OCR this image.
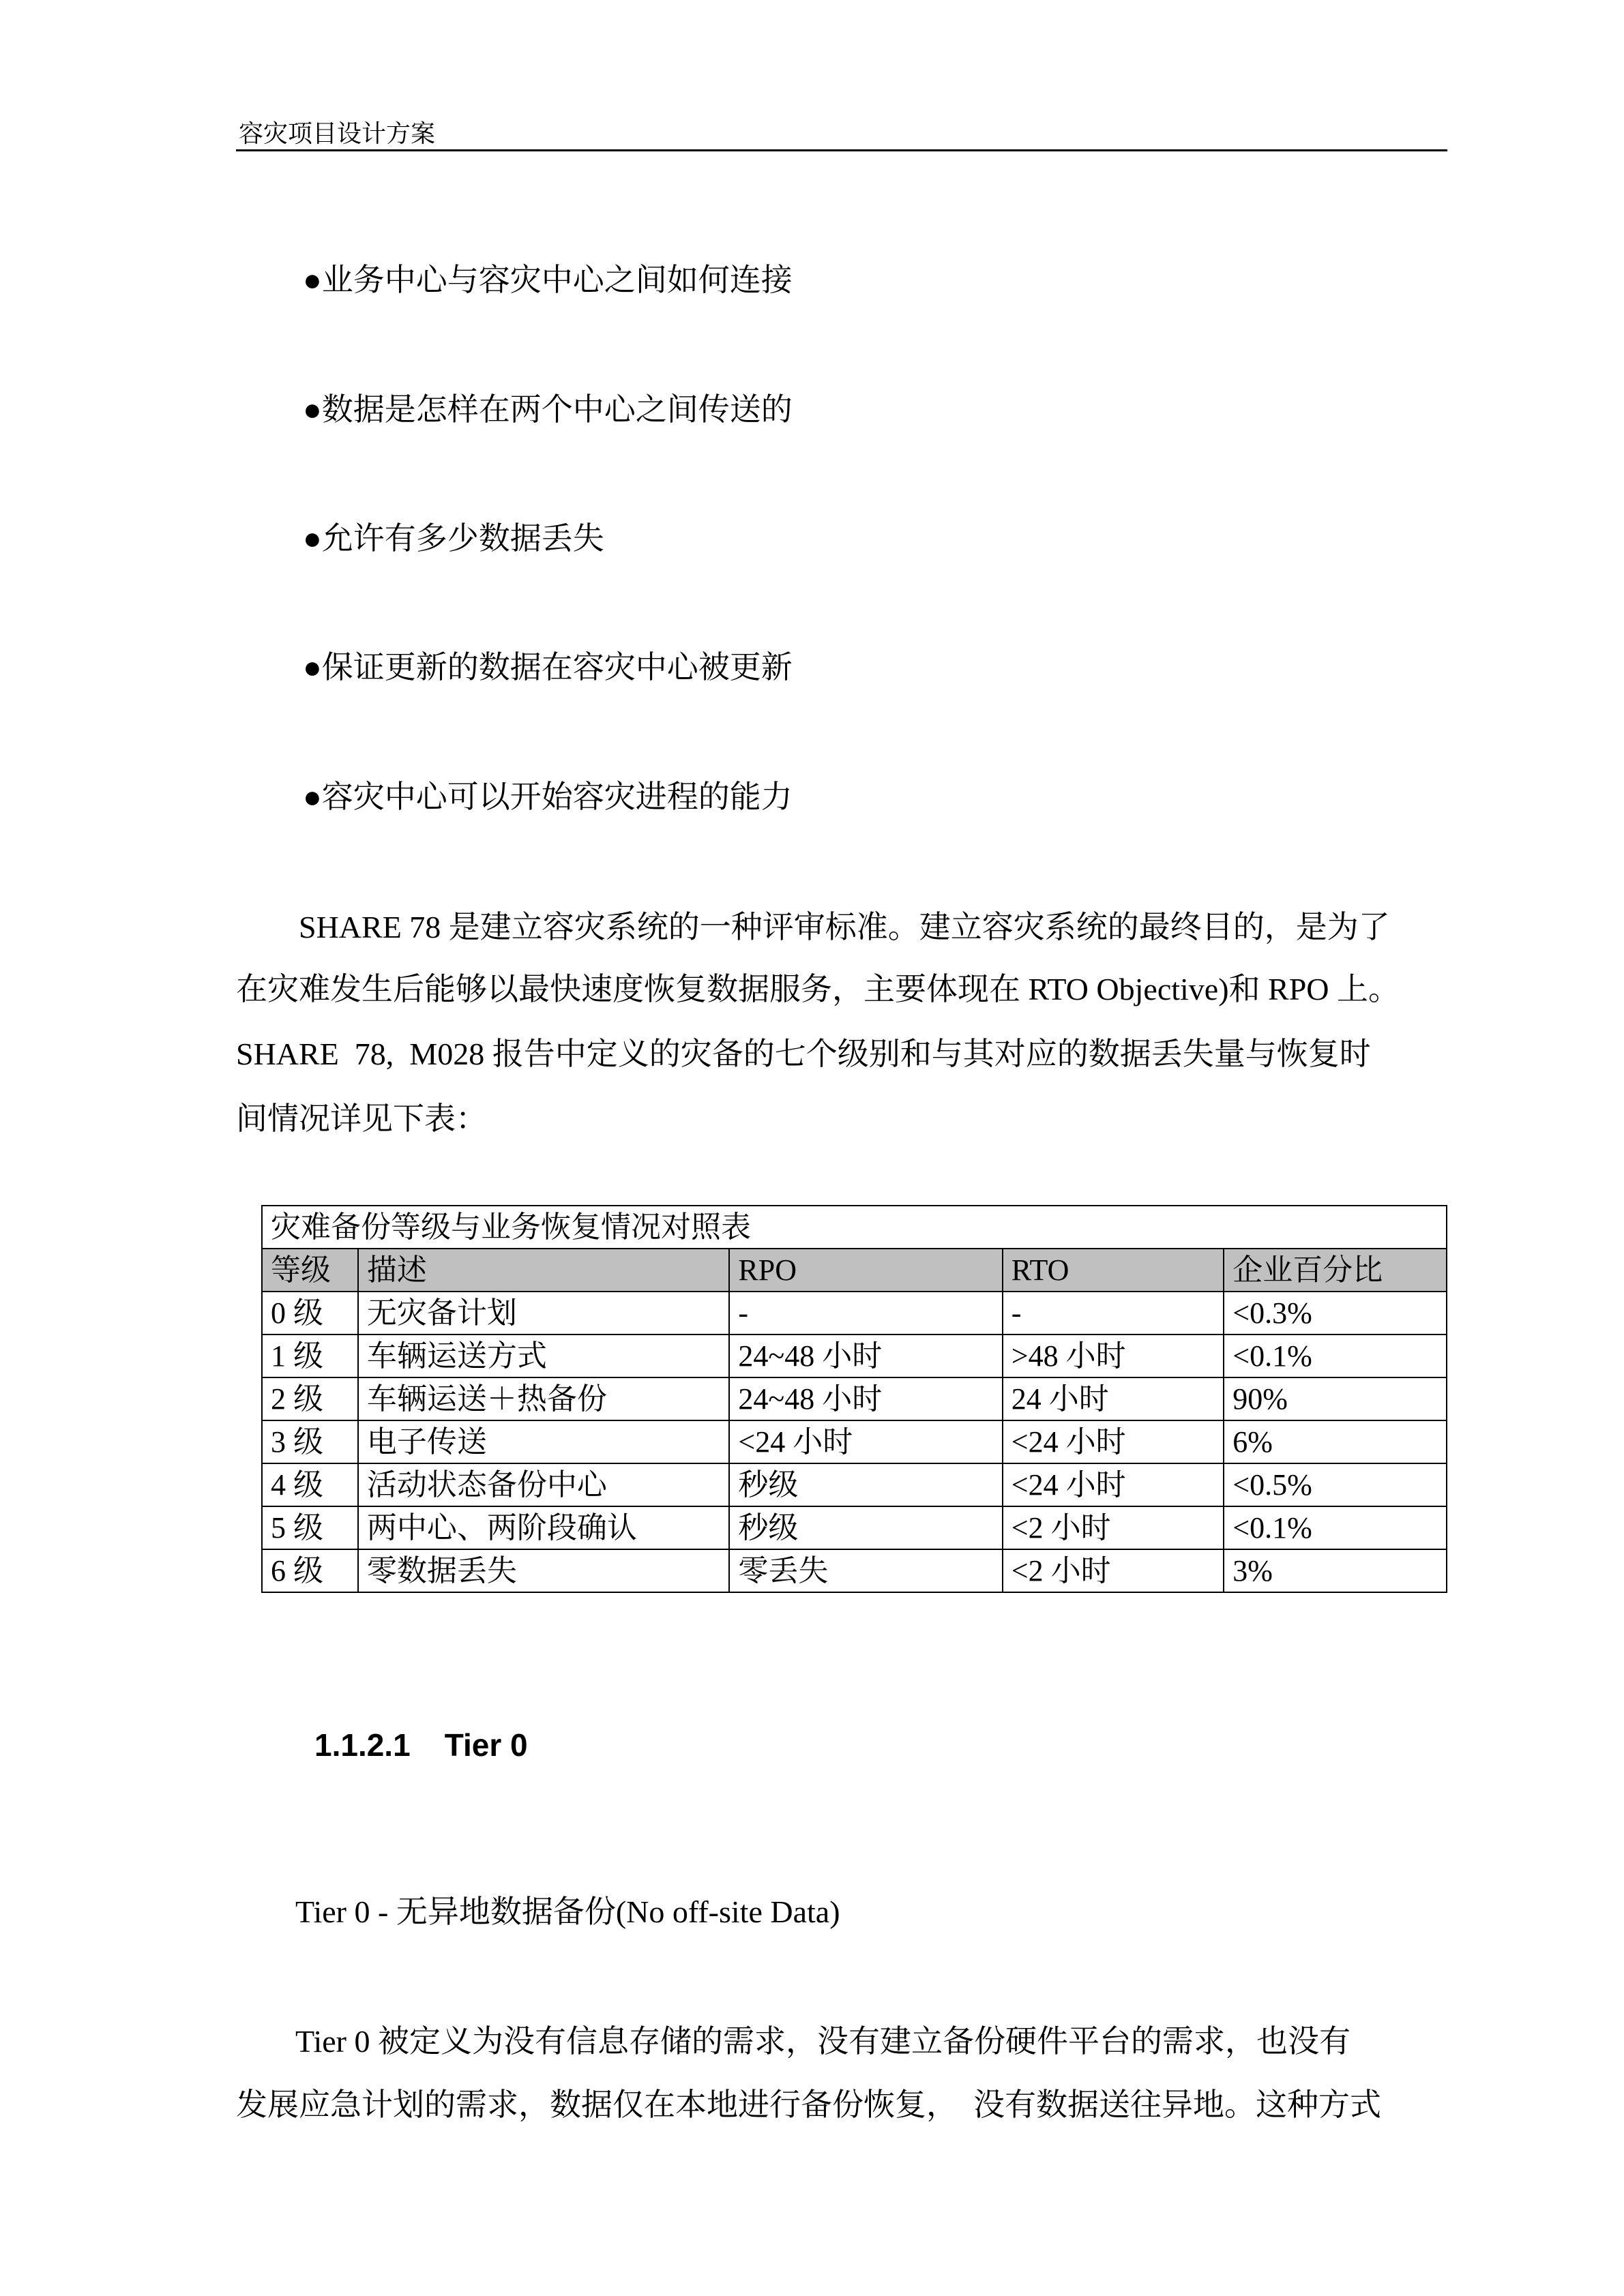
容灾项目设计方案
●业务中心与容灾中心之间如何连接
●数据是怎样在两个中心之间传送的
●允许有多少数据丢失
●保证更新的数据在容灾中心被更新
●容灾中心可以开始容灾进程的能力
SHARE 78 是建立容灾系统的一种评审标准。建立容灾系统的最终目的，是为了
在灾难发生后能够以最快速度恢复数据服务，主要体现在 RTO Objective)和 RPO 上。
SHARE  78,  M028 报告中定义的灾备的七个级别和与其对应的数据丢失量与恢复时
间情况详见下表：
灾难备份等级与业务恢复情况对照表				
等级	描述	RPO	RTO	企业百分比
0 级	无灾备计划	-	-	<0.3%
1 级	车辆运送方式	24~48 小时	>48 小时	<0.1%
2 级	车辆运送＋热备份	24~48 小时	24 小时	90%
3 级	电子传送	<24 小时	<24 小时	6%
4 级	活动状态备份中心	秒级	<24 小时	<0.5%
5 级	两中心、两阶段确认	秒级	<2 小时	<0.1%
6 级	零数据丢失	零丢失	<2 小时	3%
1.1.2.1 Tier 0
Tier 0 - 无异地数据备份(No off-site Data)
Tier 0 被定义为没有信息存储的需求，没有建立备份硬件平台的需求，也没有
发展应急计划的需求，数据仅在本地进行备份恢复，  没有数据送往异地。这种方式
